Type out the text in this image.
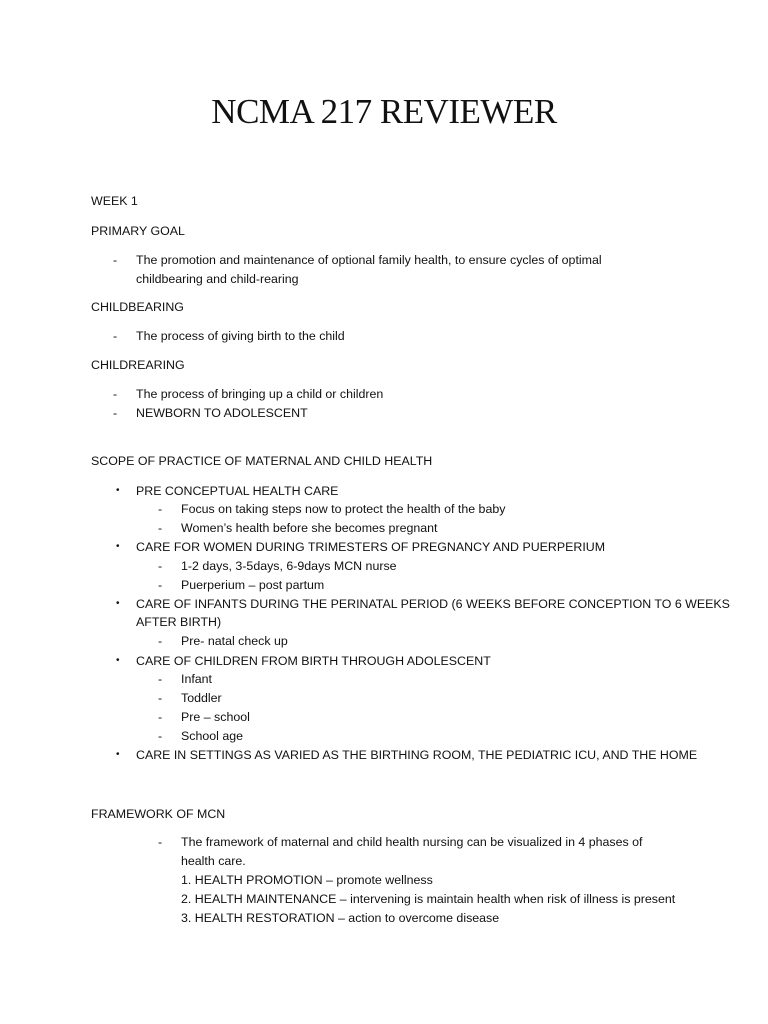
NCMA 217 REVIEWER
WEEK 1
PRIMARY GOAL
-
The promotion and maintenance of optional family health, to ensure cycles of optimal
childbearing and child-rearing
CHILDBEARING
-
The process of giving birth to the child
CHILDREARING
-
The process of bringing up a child or children
-
NEWBORN TO ADOLESCENT
SCOPE OF PRACTICE OF MATERNAL AND CHILD HEALTH
• PRE CONCEPTUAL HEALTH CARE
-
Focus on taking steps now to protect the health of the baby
-
Women’s health before she becomes pregnant
• CARE FOR WOMEN DURING TRIMESTERS OF PREGNANCY AND PUERPERIUM
-
1-2 days, 3-5days, 6-9days MCN nurse
-
Puerperium – post partum
• CARE OF INFANTS DURING THE PERINATAL PERIOD (6 WEEKS BEFORE CONCEPTION TO 6 WEEKS
AFTER BIRTH)
-
Pre- natal check up
• CARE OF CHILDREN FROM BIRTH THROUGH ADOLESCENT
-
Infant
-
Toddler
-
Pre – school
-
School age
• CARE IN SETTINGS AS VARIED AS THE BIRTHING ROOM, THE PEDIATRIC ICU, AND THE HOME
FRAMEWORK OF MCN
-
The framework of maternal and child health nursing can be visualized in 4 phases of
health care.
1. HEALTH PROMOTION – promote wellness
2. HEALTH MAINTENANCE – intervening is maintain health when risk of illness is present
3. HEALTH RESTORATION – action to overcome disease
